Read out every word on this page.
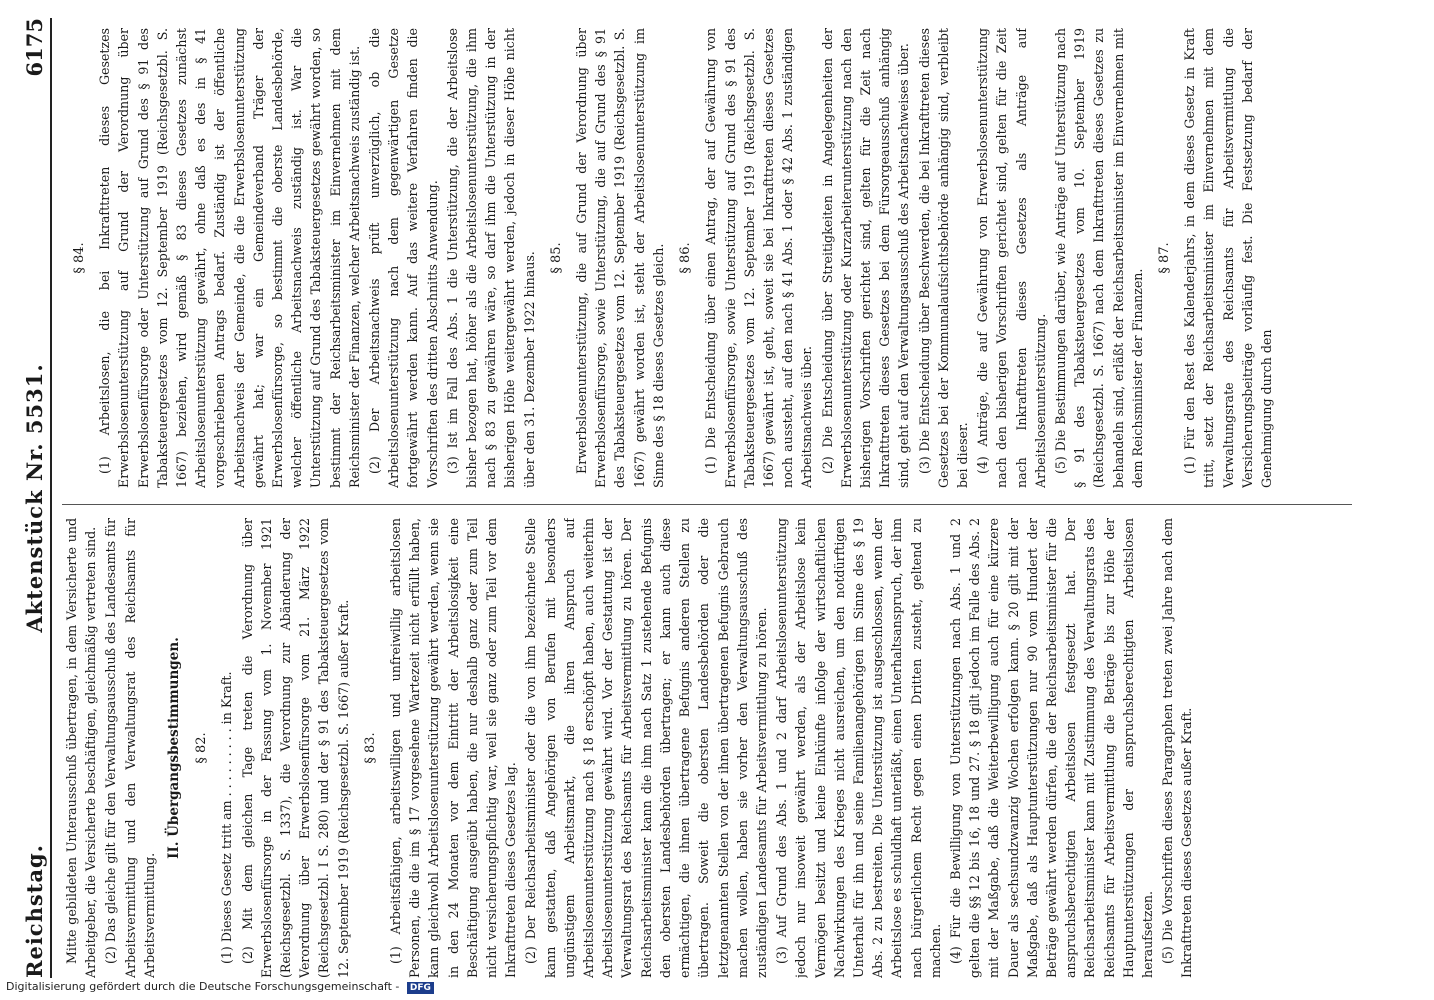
Reichstag.
Aktenstück Nr. 5531.
6175

Mitte gebildeten Unterausschuß übertragen, in dem Versicherte und Arbeitgeber, die Versicherte beschäftigen, gleichmäßig vertreten sind. (2) Das gleiche gilt für den Verwaltungsausschuß des Landesamts für Arbeitsvermittlung und den Verwaltungsrat des Reichsamts für Arbeitsvermittlung.

II. Übergangsbestimmungen. § 82. (1) Dieses Gesetz tritt am . . . . . . . . . in Kraft. (2) Mit dem gleichen Tage treten die Verordnung über Erwerbslosenfürsorge in der Fassung vom 1. November 1921 (Reichsgesetzbl. S. 1337), die Verordnung zur Abänderung der Verordnung über Erwerbslosenfürsorge vom 21. März 1922 (Reichsgesetzbl. I S. 280) und der § 91 des Tabaksteuergesetzes vom 12. September 1919 (Reichsgesetzbl. S. 1667) außer Kraft. § 83. (1) Arbeitsfähigen, arbeitswilligen und unfreiwillig arbeitslosen Personen, die die im § 17 vorgesehene Wartezeit nicht erfüllt haben, kann gleichwohl Arbeitslosenunterstützung gewährt werden, wenn sie in den 24 Monaten vor dem Eintritt der Arbeitslosigkeit eine Beschäftigung ausgeübt haben, die nur deshalb ganz oder zum Teil nicht versicherungspflichtig war, weil sie ganz oder zum Teil vor dem Inkrafttreten dieses Gesetzes lag. (2) Der Reichsarbeitsminister oder die von ihm bezeichnete Stelle kann gestatten, daß Angehörigen von Berufen mit besonders ungünstigem Arbeitsmarkt, die ihren Anspruch auf Arbeitslosenunterstützung nach § 18 erschöpft haben, auch weiterhin Arbeitslosenunterstützung gewährt wird. Vor der Gestattung ist der Verwaltungsrat des Reichsamts für Arbeitsvermittlung zu hören. Der Reichsarbeitsminister kann die ihm nach Satz 1 zustehende Befugnis den obersten Landesbehörden übertragen; er kann auch diese ermächtigen, die ihnen übertragene Befugnis anderen Stellen zu übertragen. Soweit die obersten Landesbehörden oder die letztgenannten Stellen von der ihnen übertragenen Befugnis Gebrauch machen wollen, haben sie vorher den Verwaltungsausschuß des zuständigen Landesamts für Arbeitsvermittlung zu hören. (3) Auf Grund des Abs. 1 und 2 darf Arbeitslosenunterstützung jedoch nur insoweit gewährt werden, als der Arbeitslose kein Vermögen besitzt und keine Einkünfte infolge der wirtschaftlichen Nachwirkungen des Krieges nicht ausreichen, um den notdürftigen Unterhalt für ihn und seine Familienangehörigen im Sinne des § 19 Abs. 2 zu bestreiten. Die Unterstützung ist ausgeschlossen, wenn der Arbeitslose es schuldhaft unterläßt, einen Unterhaltsanspruch, der ihm nach bürgerlichem Recht gegen einen Dritten zusteht, geltend zu machen. (4) Für die Bewilligung von Unterstützungen nach Abs. 1 und 2 gelten die §§ 12 bis 16, 18 und 27. § 18 gilt jedoch im Falle des Abs. 2 mit der Maßgabe, daß die Weiterbewilligung auch für eine kürzere Dauer als sechsundzwanzig Wochen erfolgen kann. § 20 gilt mit der Maßgabe, daß als Hauptunterstützungen nur 90 vom Hundert der Beträge gewährt werden dürfen, die der Reichsarbeitsminister für die anspruchsberechtigten Arbeitslosen festgesetzt hat. Der Reichsarbeitsminister kann mit Zustimmung des Verwaltungsrats des Reichsamts für Arbeitsvermittlung die Beträge bis zur Höhe der Hauptunterstützungen der anspruchsberechtigten Arbeitslosen heraufsetzen. (5) Die Vorschriften dieses Paragraphen treten zwei Jahre nach dem Inkrafttreten dieses Gesetzes außer Kraft.

§ 84. (1) Arbeitslosen, die bei Inkrafttreten dieses Gesetzes Erwerbslosenunterstützung auf Grund der Verordnung über Erwerbslosenfürsorge oder Unterstützung auf Grund des § 91 des Tabaksteuergesetzes vom 12. September 1919 (Reichsgesetzbl. S. 1667) beziehen, wird gemäß § 83 dieses Gesetzes zunächst Arbeitslosenunterstützung gewährt, ohne daß es des in § 41 vorgeschriebenen Antrags bedarf. Zuständig ist der öffentliche Arbeitsnachweis der Gemeinde, die die Erwerbslosenunterstützung gewährt hat; war ein Gemeindeverband Träger der Erwerbslosenfürsorge, so bestimmt die oberste Landesbehörde, welcher öffentliche Arbeitsnachweis zuständig ist. War die Unterstützung auf Grund des Tabaksteuergesetzes gewährt worden, so bestimmt der Reichsarbeitsminister im Einvernehmen mit dem Reichsminister der Finanzen, welcher Arbeitsnachweis zuständig ist. (2) Der Arbeitsnachweis prüft unverzüglich, ob die Arbeitslosenunterstützung nach dem gegenwärtigen Gesetze fortgewährt werden kann. Auf das weitere Verfahren finden die Vorschriften des dritten Abschnitts Anwendung. (3) Ist im Fall des Abs. 1 die Unterstützung, die der Arbeitslose bisher bezogen hat, höher als die Arbeitslosenunterstützung, die ihm nach § 83 zu gewähren wäre, so darf ihm die Unterstützung in der bisherigen Höhe weitergewährt werden, jedoch in dieser Höhe nicht über den 31. Dezember 1922 hinaus. § 85. Erwerbslosenunterstützung, die auf Grund der Verordnung über Erwerbslosenfürsorge, sowie Unterstützung, die auf Grund des § 91 des Tabaksteuergesetzes vom 12. September 1919 (Reichsgesetzbl. S. 1667) gewährt worden ist, steht der Arbeitslosenunterstützung im Sinne des § 18 dieses Gesetzes gleich. § 86. (1) Die Entscheidung über einen Antrag, der auf Gewährung von Erwerbslosenfürsorge, sowie Unterstützung auf Grund des § 91 des Tabaksteuergesetzes vom 12. September 1919 (Reichsgesetzbl. S. 1667) gewährt ist, geht, soweit sie bei Inkrafttreten dieses Gesetzes noch aussteht, auf den nach § 41 Abs. 1 oder § 42 Abs. 1 zuständigen Arbeitsnachweis über. (2) Die Entscheidung über Streitigkeiten in Angelegenheiten der Erwerbslosenunterstützung oder Kurzarbeiterunterstützung nach den bisherigen Vorschriften gerichtet sind, gelten für die Zeit nach Inkrafttreten dieses Gesetzes bei dem Fürsorgeausschuß anhängig sind, geht auf den Verwaltungsausschuß des Arbeitsnachweises über. (3) Die Entscheidung über Beschwerden, die bei Inkrafttreten dieses Gesetzes bei der Kommunalaufsichtsbehörde anhängig sind, verbleibt bei dieser. (4) Anträge, die auf Gewährung von Erwerbslosenunterstützung nach den bisherigen Vorschriften gerichtet sind, gelten für die Zeit nach Inkrafttreten dieses Gesetzes als Anträge auf Arbeitslosenunterstützung. (5) Die Bestimmungen darüber, wie Anträge auf Unterstützung nach § 91 des Tabaksteuergesetzes vom 10. September 1919 (Reichsgesetzbl. S. 1667) nach dem Inkrafttreten dieses Gesetzes zu behandeln sind, erläßt der Reichsarbeitsminister im Einvernehmen mit dem Reichsminister der Finanzen.

§ 87. (1) Für den Rest des Kalenderjahrs, in dem dieses Gesetz in Kraft tritt, setzt der Reichsarbeitsminister im Einvernehmen mit dem Verwaltungsrate des Reichsamts für Arbeitsvermittlung die Versicherungsbeiträge vorläufig fest. Die Festsetzung bedarf der Genehmigung durch den

Digitalisierung gefördert durch die Deutsche Forschungsgemeinschaft - DFG
